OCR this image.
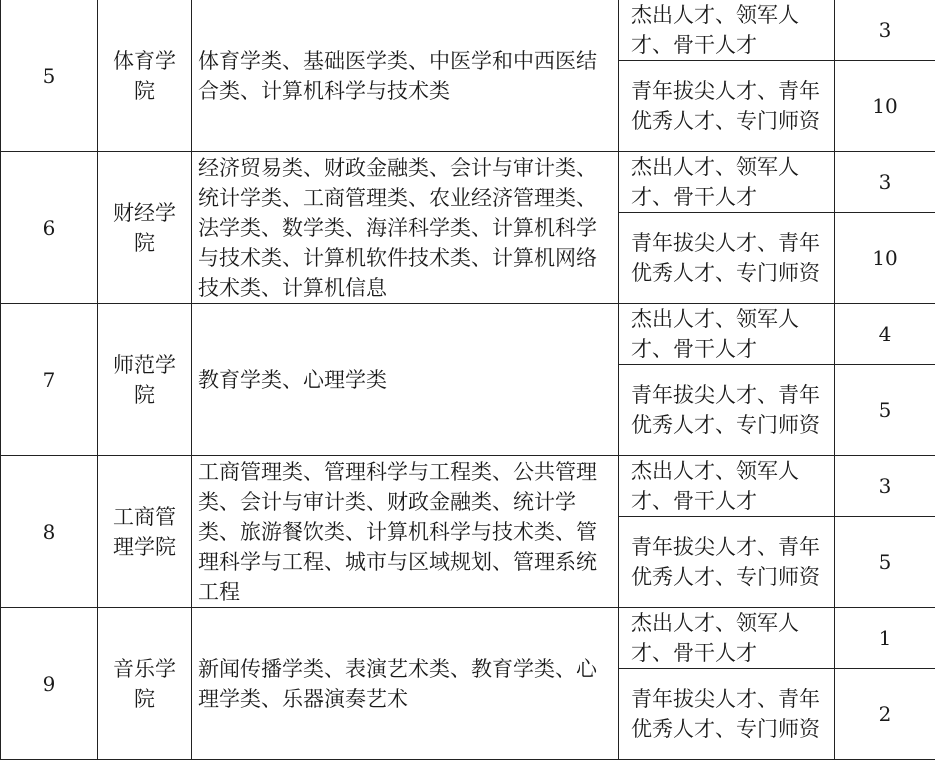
5	体育学院	体育学类、基础医学类、中医学和中西医结合类、计算机科学与技术类	杰出人才、领军人才、骨干人才	3
			青年拔尖人才、青年优秀人才、专门师资	10
6	财经学院	经济贸易类、财政金融类、会计与审计类、统计学类、工商管理类、农业经济管理类、法学类、数学类、海洋科学类、计算机科学与技术类、计算机软件技术类、计算机网络技术类、计算机信息	杰出人才、领军人才、骨干人才	3
			青年拔尖人才、青年优秀人才、专门师资	10
7	师范学院	教育学类、心理学类	杰出人才、领军人才、骨干人才	4
			青年拔尖人才、青年优秀人才、专门师资	5
8	工商管理学院	工商管理类、管理科学与工程类、公共管理类、会计与审计类、财政金融类、统计学类、旅游餐饮类、计算机科学与技术类、管理科学与工程、城市与区域规划、管理系统工程	杰出人才、领军人才、骨干人才	3
			青年拔尖人才、青年优秀人才、专门师资	5
9	音乐学院	新闻传播学类、表演艺术类、教育学类、心理学类、乐器演奏艺术	杰出人才、领军人才、骨干人才	1
			青年拔尖人才、青年优秀人才、专门师资	2
